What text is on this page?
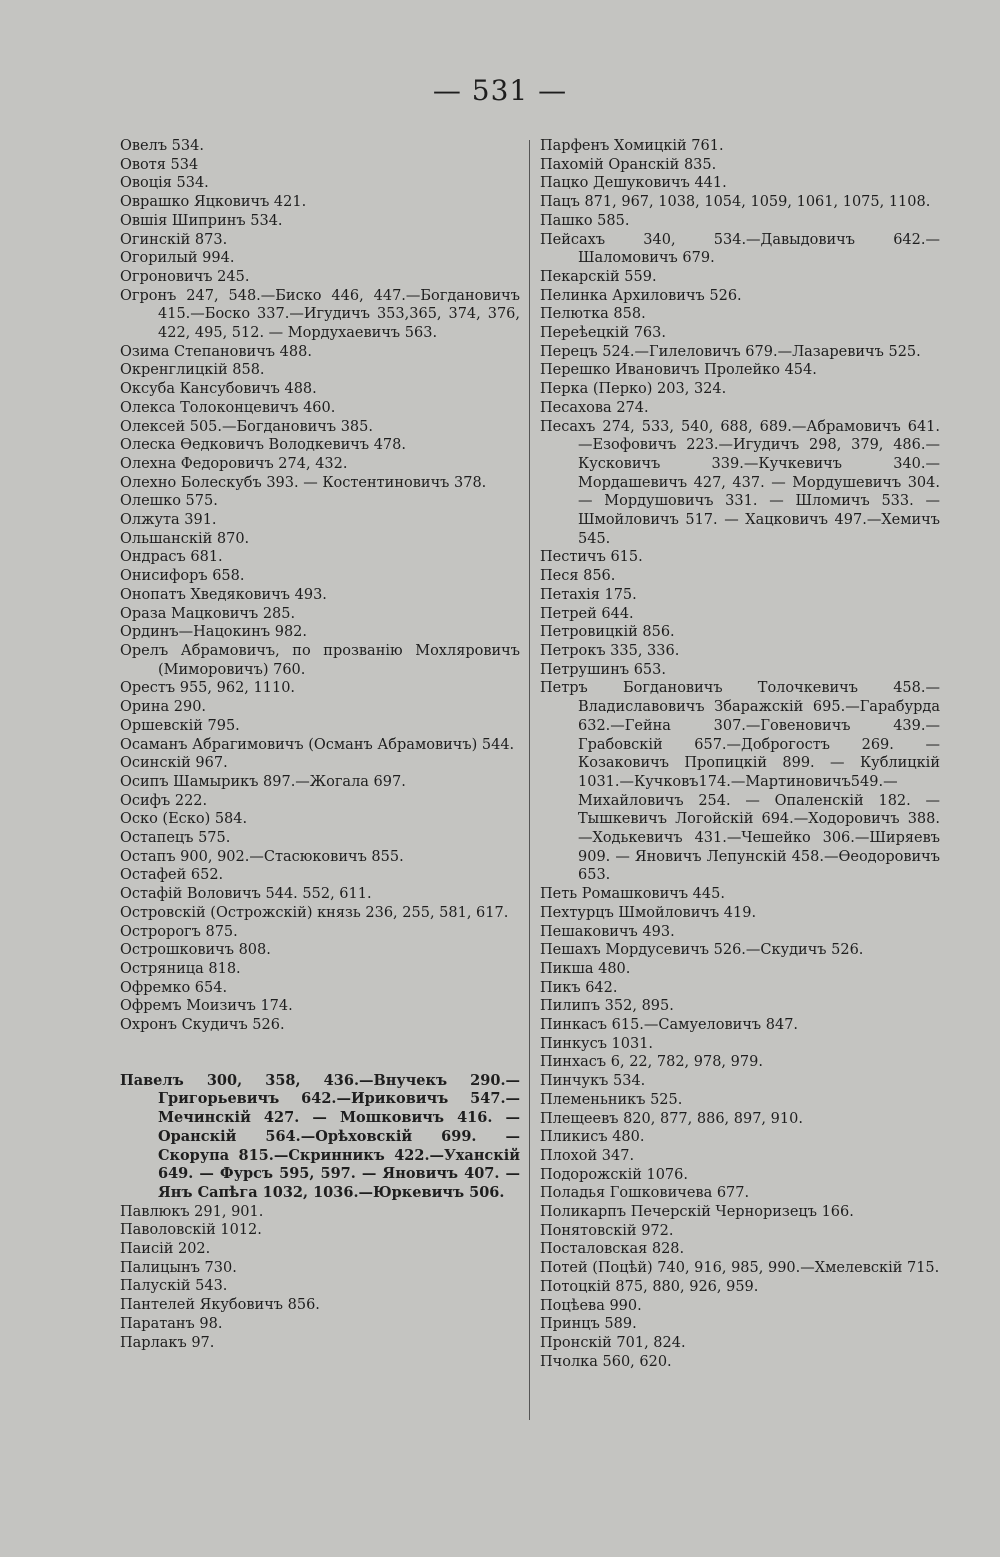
— 531 —
Овелъ 534.
Овотя 534
Овоція 534.
Оврашко Яцковичъ 421.
Овшія Шипринъ 534.
Огинскій 873.
Огорилый 994.
Огроновичъ 245.
Огронъ 247, 548.—Биско 446, 447.—Богдановичъ 415.—Боско 337.—Игудичъ 353,365, 374, 376, 422, 495, 512. — Мордухаевичъ 563.
Озима Степановичъ 488.
Окренглицкій 858.
Оксуба Кансубовичъ 488.
Олекса Толоконцевичъ 460.
Олексей 505.—Богдановичъ 385.
Олеска Ѳедковичъ Володкевичъ 478.
Олехна Федоровичъ 274, 432.
Олехно Болескубъ 393. — Костентиновичъ 378.
Олешко 575.
Олжута 391.
Ольшанскій 870.
Ондрасъ 681.
Онисифоръ 658.
Онопатъ Хведяковичъ 493.
Ораза Мацковичъ 285.
Ординъ—Нацокинъ 982.
Орелъ Абрамовичъ, по прозванію Мохляровичъ (Миморовичъ) 760.
Орестъ 955, 962, 1110.
Орина 290.
Оршевскій 795.
Осаманъ Абрагимовичъ (Османъ Абрамовичъ) 544.
Осинскій 967.
Осипъ Шамырикъ 897.—Жогала 697.
Осифъ 222.
Оско (Еско) 584.
Остапецъ 575.
Остапъ 900, 902.—Стасюковичъ 855.
Остафей 652.
Остафій Воловичъ 544. 552, 611.
Островскій (Острожскій) князь 236, 255, 581, 617.
Остророгъ 875.
Острошковичъ 808.
Остряница 818.
Офремко 654.
Офремъ Моизичъ 174.
Охронъ Скудичъ 526.
Павелъ 300, 358, 436.—Внучекъ 290.—Григорьевичъ 642.—Ириковичъ 547.—Мечинскій 427. — Мошковичъ 416. — Оранскій 564.—Орѣховскій 699. — Скорупа 815.—Скринникъ 422.—Уханскій 649. — Фурсъ 595, 597. — Яновичъ 407. — Янъ Сапѣга 1032, 1036.—Юркевичъ 506.
Павлюкъ 291, 901.
Паволовскій 1012.
Паисій 202.
Палицынъ 730.
Палускій 543.
Пантелей Якубовичъ 856.
Паратанъ 98.
Парлакъ 97.
Парфенъ Хомицкій 761.
Пахомій Оранскій 835.
Пацко Дешуковичъ 441.
Пацъ 871, 967, 1038, 1054, 1059, 1061, 1075, 1108.
Пашко 585.
Пейсахъ 340, 534.—Давыдовичъ 642.— Шаломовичъ 679.
Пекарскій 559.
Пелинка Архиловичъ 526.
Пелютка 858.
Переѣецкій 763.
Перецъ 524.—Гилеловичъ 679.—Лазаревичъ 525.
Перешко Ивановичъ Пролейко 454.
Перка (Перко) 203, 324.
Песахова 274.
Песахъ 274, 533, 540, 688, 689.—Абрамовичъ 641.—Езофовичъ 223.—Игудичъ 298, 379, 486.—Кусковичъ 339.—Кучкевичъ 340.—Мордашевичъ 427, 437. — Мордушевичъ 304. — Мордушовичъ 331. — Шломичъ 533. — Шмойловичъ 517. — Хацковичъ 497.—Хемичъ 545.
Пестичъ 615.
Песя 856.
Петахія 175.
Петрей 644.
Петровицкій 856.
Петрокъ 335, 336.
Петрушинъ 653.
Петръ Богдановичъ Толочкевичъ 458.—Владиславовичъ Збаражскій 695.—Гарабурда 632.—Гейна 307.—Говеновичъ 439.—Грабовскій 657.—Доброгостъ 269. — Козаковичъ Пропицкій 899. — Кублицкій 1031.—Кучковъ174.—Мартиновичъ549.—Михайловичъ 254. — Опаленскій 182. — Тышкевичъ Логойскій 694.—Ходоровичъ 388.—Ходькевичъ 431.—Чешейко 306.—Ширяевъ 909. — Яновичъ Лепунскій 458.—Ѳеодоровичъ 653.
Петь Ромашковичъ 445.
Пехтурцъ Шмойловичъ 419.
Пешаковичъ 493.
Пешахъ Мордусевичъ 526.—Скудичъ 526.
Пикша 480.
Пикъ 642.
Пилипъ 352, 895.
Пинкасъ 615.—Самуеловичъ 847.
Пинкусъ 1031.
Пинхасъ 6, 22, 782, 978, 979.
Пинчукъ 534.
Племеньникъ 525.
Плещеевъ 820, 877, 886, 897, 910.
Пликисъ 480.
Плохой 347.
Подорожскій 1076.
Поладья Гошковичева 677.
Поликарпъ Печерскій Черноризецъ 166.
Понятовскій 972.
Посталовская 828.
Потей (Поцѣй) 740, 916, 985, 990.—Хмелевскій 715.
Потоцкій 875, 880, 926, 959.
Поцѣева 990.
Принцъ 589.
Пронскій 701, 824.
Пчолка 560, 620.
